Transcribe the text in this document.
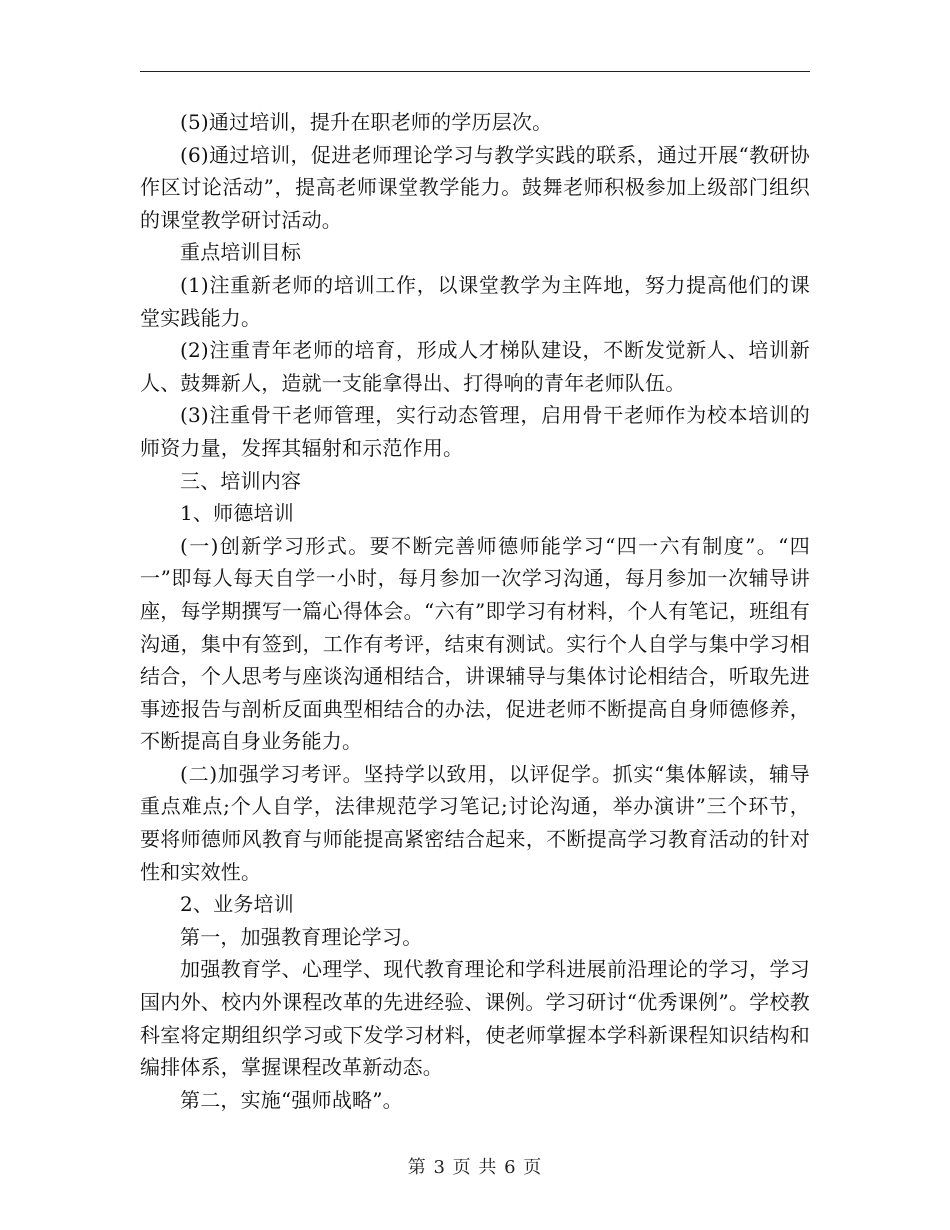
(5)通过培训，提升在职老师的学历层次。

(6)通过培训，促进老师理论学习与教学实践的联系，通过开展“教研协作区讨论活动”，提高老师课堂教学能力。鼓舞老师积极参加上级部门组织的课堂教学研讨活动。

重点培训目标

(1)注重新老师的培训工作，以课堂教学为主阵地，努力提高他们的课堂实践能力。

(2)注重青年老师的培育，形成人才梯队建设，不断发觉新人、培训新人、鼓舞新人，造就一支能拿得出、打得响的青年老师队伍。

(3)注重骨干老师管理，实行动态管理，启用骨干老师作为校本培训的师资力量，发挥其辐射和示范作用。

三、培训内容

1、师德培训

(一)创新学习形式。要不断完善师德师能学习“四一六有制度”。“四一”即每人每天自学一小时，每月参加一次学习沟通，每月参加一次辅导讲座，每学期撰写一篇心得体会。“六有”即学习有材料，个人有笔记，班组有沟通，集中有签到，工作有考评，结束有测试。实行个人自学与集中学习相结合，个人思考与座谈沟通相结合，讲课辅导与集体讨论相结合，听取先进事迹报告与剖析反面典型相结合的办法，促进老师不断提高自身师德修养，不断提高自身业务能力。

(二)加强学习考评。坚持学以致用，以评促学。抓实“集体解读，辅导重点难点;个人自学，法律规范学习笔记;讨论沟通，举办演讲”三个环节，要将师德师风教育与师能提高紧密结合起来，不断提高学习教育活动的针对性和实效性。

2、业务培训

第一，加强教育理论学习。

加强教育学、心理学、现代教育理论和学科进展前沿理论的学习，学习国内外、校内外课程改革的先进经验、课例。学习研讨“优秀课例”。学校教科室将定期组织学习或下发学习材料，使老师掌握本学科新课程知识结构和编排体系，掌握课程改革新动态。

第二，实施“强师战略”。

第 3 页 共 6 页
